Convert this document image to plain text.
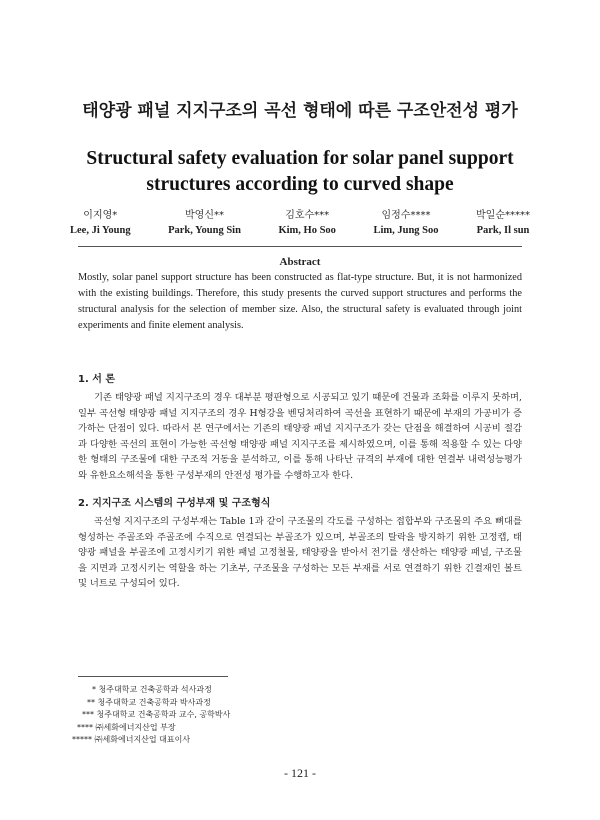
태양광 패널 지지구조의 곡선 형태에 따른 구조안전성 평가
Structural safety evaluation for solar panel support structures according to curved shape
이지영*
Lee, Ji Young
박영신**
Park, Young Sin
김호수***
Kim, Ho Soo
임정수****
Lim, Jung Soo
박일순*****
Park, Il sun
Abstract
Mostly, solar panel support structure has been constructed as flat-type structure. But, it is not harmonized with the existing buildings. Therefore, this study presents the curved support structures and performs the structural analysis for the selection of member size. Also, the structural safety is evaluated through joint experiments and finite element analysis.
1. 서 론
기존 태양광 패널 지지구조의 경우 대부분 평판형으로 시공되고 있기 때문에 건물과 조화를 이루지 못하며, 일부 곡선형 태양광 패널 지지구조의 경우 H형강을 벤딩처리하여 곡선을 표현하기 때문에 부재의 가공비가 증가하는 단점이 있다. 따라서 본 연구에서는 기존의 태양광 패널 지지구조가 갖는 단점을 해결하여 시공비 절감과 다양한 곡선의 표현이 가능한 곡선형 태양광 패널 지지구조를 제시하였으며, 이를 통해 적용할 수 있는 다양한 형태의 구조물에 대한 구조적 거동을 분석하고, 이를 통해 나타난 규격의 부재에 대한 연결부 내력성능평가와 유한요소해석을 통한 구성부재의 안전성 평가를 수행하고자 한다.
2. 지지구조 시스템의 구성부재 및 구조형식
곡선형 지지구조의 구성부재는 Table 1과 같이 구조물의 각도를 구성하는 접합부와 구조물의 주요 뼈대를 형성하는 주골조와 주골조에 수직으로 연결되는 부골조가 있으며, 부골조의 탈락을 방지하기 위한 고정캡, 태양광 패널을 부골조에 고정시키기 위한 패널 고정철물, 태양광을 받아서 전기를 생산하는 태양광 패널, 구조물을 지면과 고정시키는 역할을 하는 기초부, 구조물을 구성하는 모든 부재를 서로 연결하기 위한 긴결재인 볼트 및 너트로 구성되어 있다.
* 청주대학교 건축공학과 석사과정
** 청주대학교 건축공학과 박사과정
*** 청주대학교 건축공학과 교수, 공학박사
**** ㈜세화에너지산업 부장
***** ㈜세화에너지산업 대표이사
- 121 -
